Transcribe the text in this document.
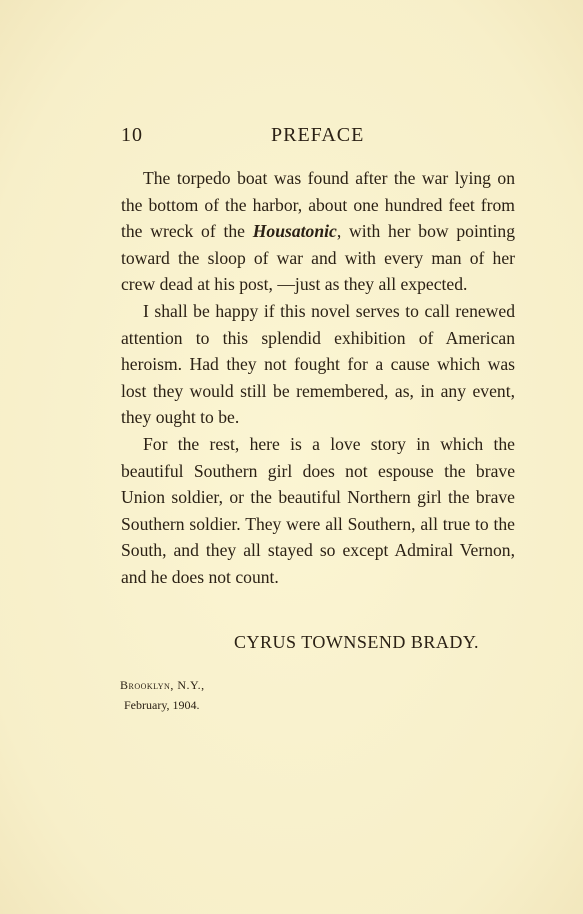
10	PREFACE

The torpedo boat was found after the war lying on the bottom of the harbor, about one hundred feet from the wreck of the Housatonic, with her bow pointing toward the sloop of war and with every man of her crew dead at his post, —just as they all expected.

I shall be happy if this novel serves to call renewed attention to this splendid exhibition of American heroism. Had they not fought for a cause which was lost they would still be remembered, as, in any event, they ought to be.

For the rest, here is a love story in which the beautiful Southern girl does not espouse the brave Union soldier, or the beautiful Northern girl the brave Southern soldier. They were all Southern, all true to the South, and they all stayed so except Admiral Vernon, and he does not count.

CYRUS TOWNSEND BRADY.
Brooklyn, N.Y.,
February, 1904.
